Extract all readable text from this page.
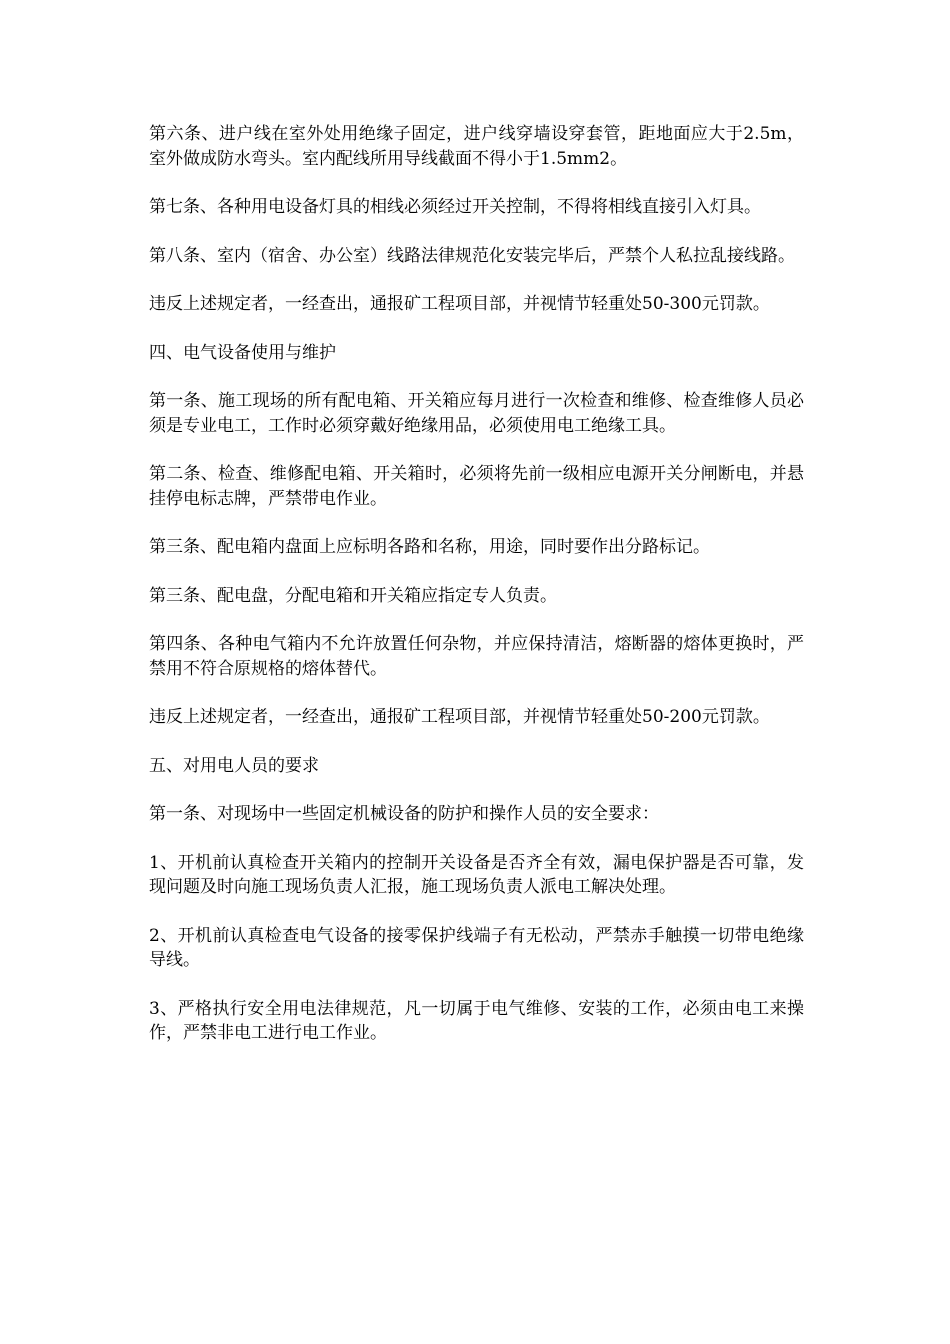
第六条、进户线在室外处用绝缘子固定，进户线穿墙设穿套管，距地面应大于2.5m，室外做成防水弯头。室内配线所用导线截面不得小于1.5mm2。

第七条、各种用电设备灯具的相线必须经过开关控制，不得将相线直接引入灯具。

第八条、室内（宿舍、办公室）线路法律规范化安装完毕后，严禁个人私拉乱接线路。

违反上述规定者，一经查出，通报矿工程项目部，并视情节轻重处50-300元罚款。

四、电气设备使用与维护

第一条、施工现场的所有配电箱、开关箱应每月进行一次检查和维修、检查维修人员必须是专业电工，工作时必须穿戴好绝缘用品，必须使用电工绝缘工具。

第二条、检查、维修配电箱、开关箱时，必须将先前一级相应电源开关分闸断电，并悬挂停电标志牌，严禁带电作业。

第三条、配电箱内盘面上应标明各路和名称，用途，同时要作出分路标记。

第三条、配电盘，分配电箱和开关箱应指定专人负责。

第四条、各种电气箱内不允许放置任何杂物，并应保持清洁，熔断器的熔体更换时，严禁用不符合原规格的熔体替代。

违反上述规定者，一经查出，通报矿工程项目部，并视情节轻重处50-200元罚款。

五、对用电人员的要求

第一条、对现场中一些固定机械设备的防护和操作人员的安全要求：

1、开机前认真检查开关箱内的控制开关设备是否齐全有效，漏电保护器是否可靠，发现问题及时向施工现场负责人汇报，施工现场负责人派电工解决处理。

2、开机前认真检查电气设备的接零保护线端子有无松动，严禁赤手触摸一切带电绝缘导线。

3、严格执行安全用电法律规范，凡一切属于电气维修、安装的工作，必须由电工来操作，严禁非电工进行电工作业。
